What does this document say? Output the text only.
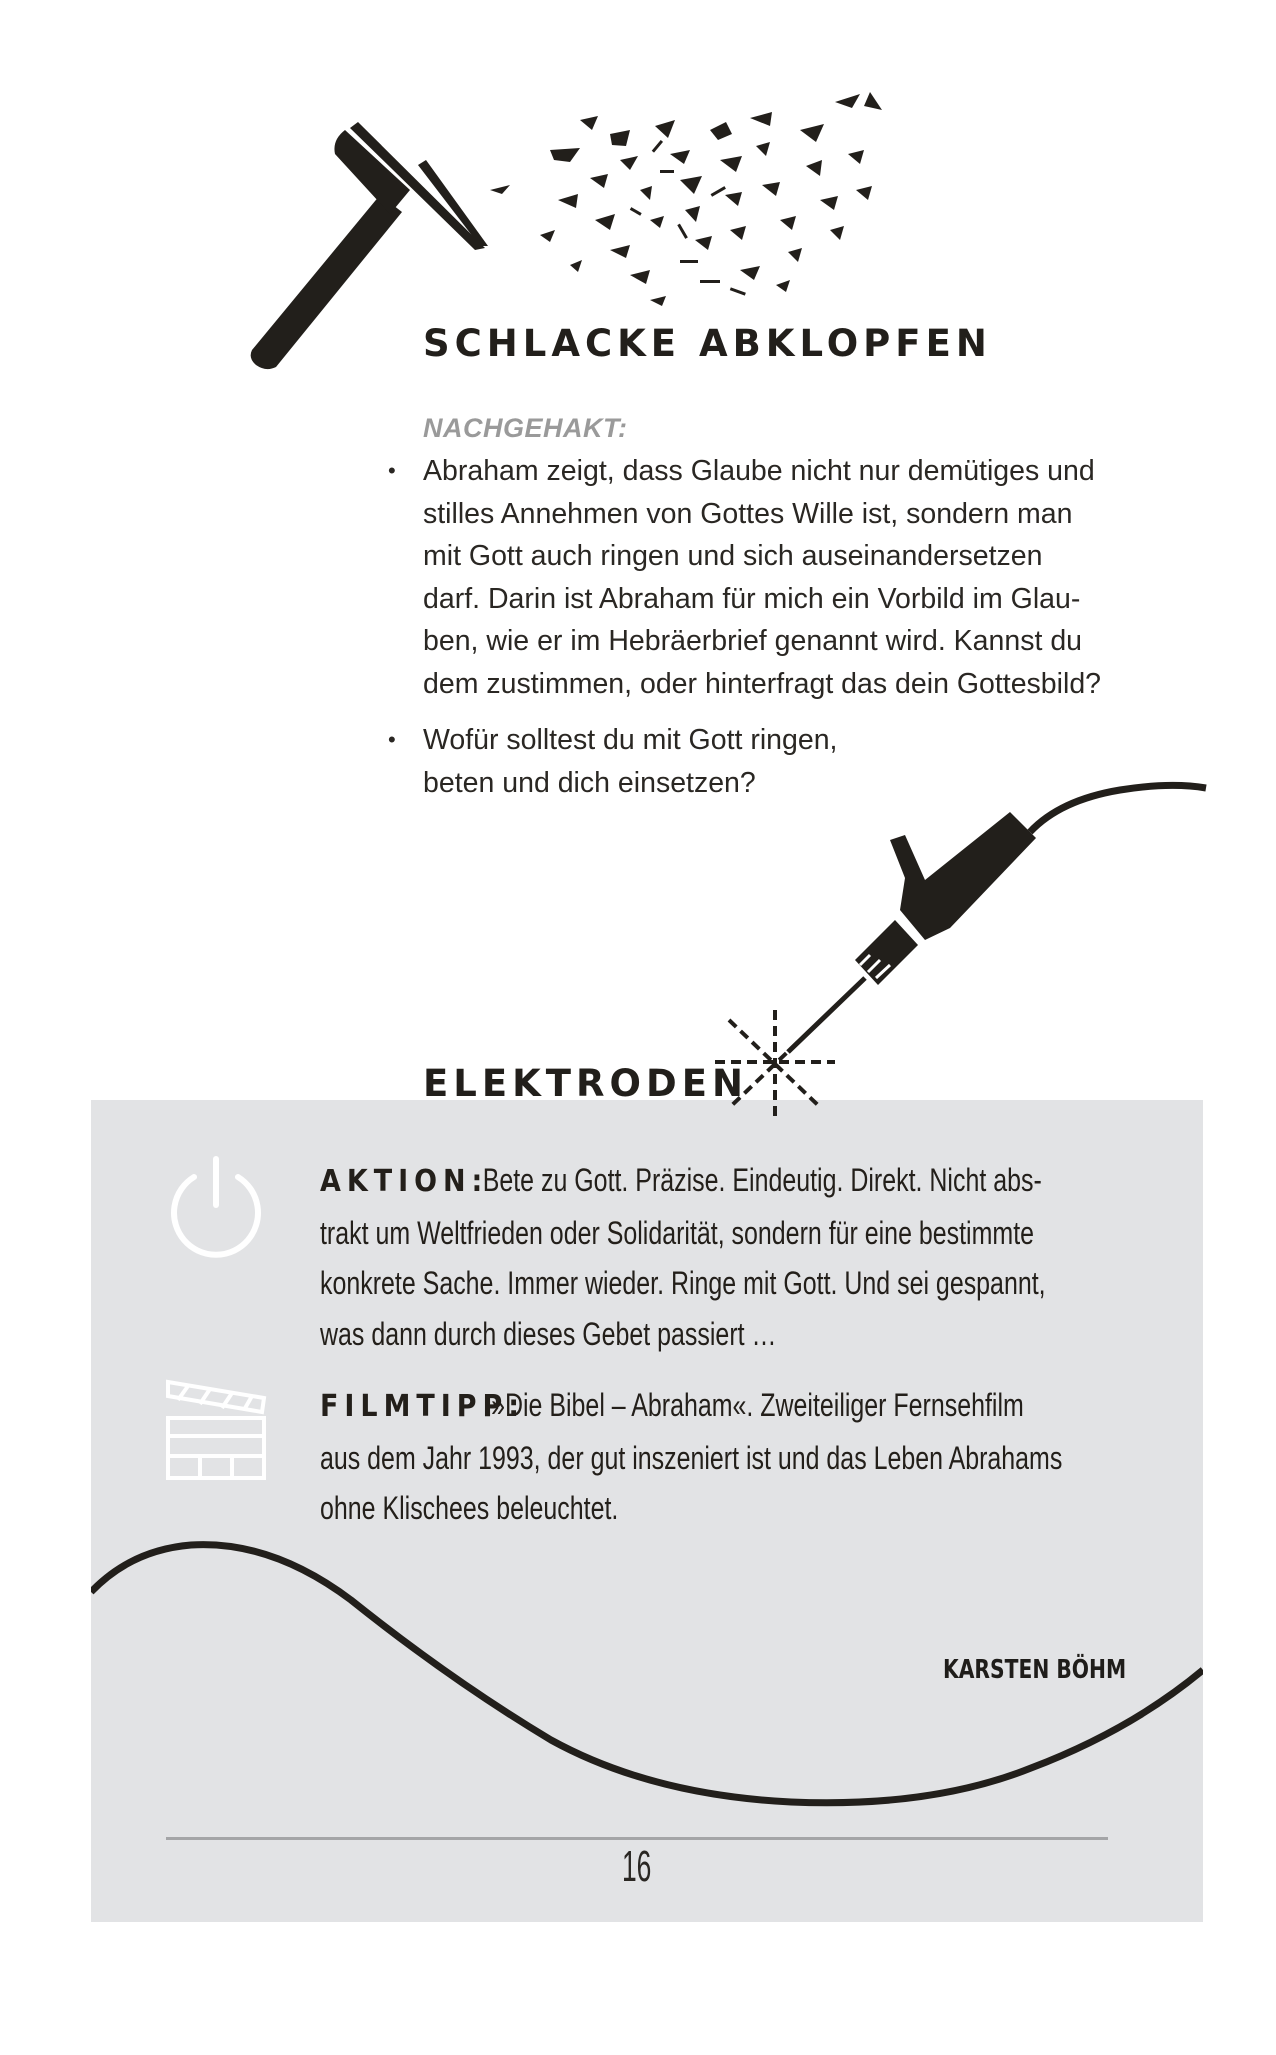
SCHLACKE ABKLOPFEN
NACHGEHAKT:
• Abraham zeigt, dass Glaube nicht nur demütiges und
stilles Annehmen von Gottes Wille ist, sondern man
mit Gott auch ringen und sich auseinandersetzen
darf. Darin ist Abraham für mich ein Vorbild im Glau-
ben, wie er im Hebräerbrief genannt wird. Kannst du
dem zustimmen, oder hinterfragt das dein Gottesbild?
• Wofür solltest du mit Gott ringen,
beten und dich einsetzen?
ELEKTRODEN
AKTION:Bete zu Gott. Präzise. Eindeutig. Direkt. Nicht abs-
trakt um Weltfrieden oder Solidarität, sondern für eine bestimmte
konkrete Sache. Immer wieder. Ringe mit Gott. Und sei gespannt,
was dann durch dieses Gebet passiert …
FILMTIPP:»Die Bibel – Abraham«. Zweiteiliger Fernsehfilm
aus dem Jahr 1993, der gut inszeniert ist und das Leben Abrahams
ohne Klischees beleuchtet.
KARSTEN BÖHM
16
